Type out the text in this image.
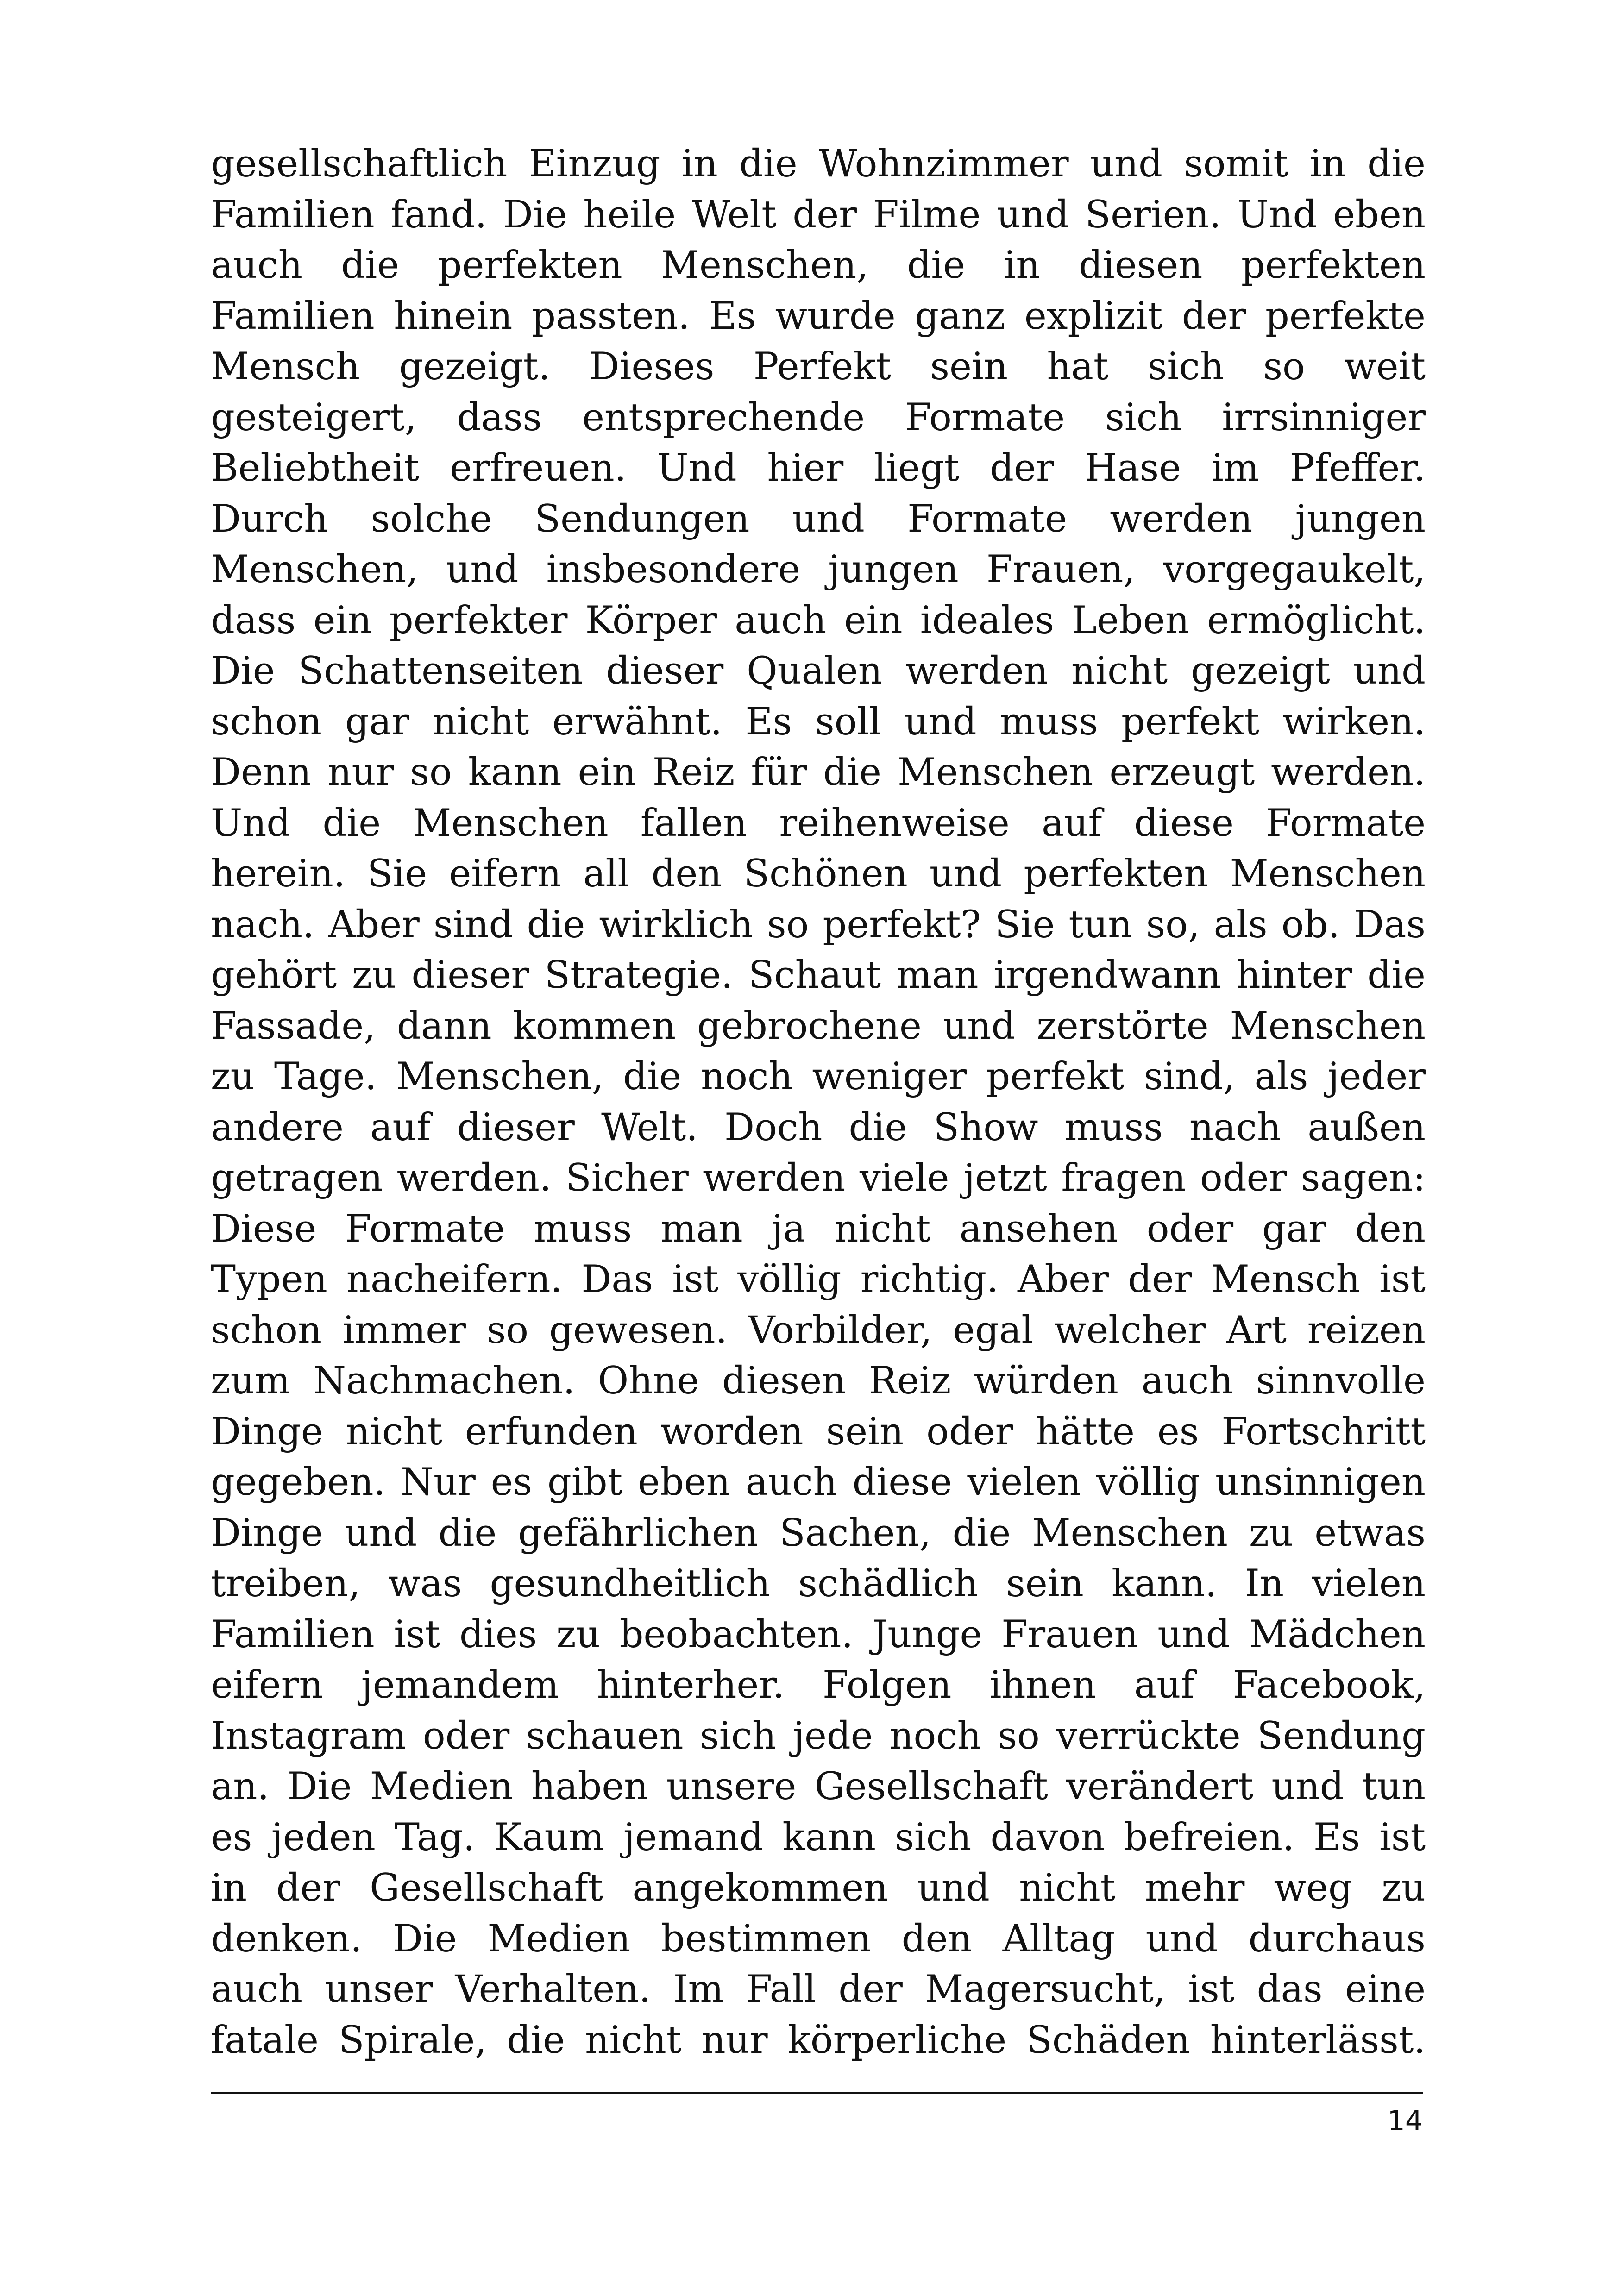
gesellschaftlich Einzug in die Wohnzimmer und somit in die
Familien fand. Die heile Welt der Filme und Serien. Und eben
auch die perfekten Menschen, die in diesen perfekten
Familien hinein passten. Es wurde ganz explizit der perfekte
Mensch gezeigt. Dieses Perfekt sein hat sich so weit
gesteigert, dass entsprechende Formate sich irrsinniger
Beliebtheit erfreuen. Und hier liegt der Hase im Pfeffer.
Durch solche Sendungen und Formate werden jungen
Menschen, und insbesondere jungen Frauen, vorgegaukelt,
dass ein perfekter Körper auch ein ideales Leben ermöglicht.
Die Schattenseiten dieser Qualen werden nicht gezeigt und
schon gar nicht erwähnt. Es soll und muss perfekt wirken.
Denn nur so kann ein Reiz für die Menschen erzeugt werden.
Und die Menschen fallen reihenweise auf diese Formate
herein. Sie eifern all den Schönen und perfekten Menschen
nach. Aber sind die wirklich so perfekt? Sie tun so, als ob. Das
gehört zu dieser Strategie. Schaut man irgendwann hinter die
Fassade, dann kommen gebrochene und zerstörte Menschen
zu Tage. Menschen, die noch weniger perfekt sind, als jeder
andere auf dieser Welt. Doch die Show muss nach außen
getragen werden. Sicher werden viele jetzt fragen oder sagen:
Diese Formate muss man ja nicht ansehen oder gar den
Typen nacheifern. Das ist völlig richtig. Aber der Mensch ist
schon immer so gewesen. Vorbilder, egal welcher Art reizen
zum Nachmachen. Ohne diesen Reiz würden auch sinnvolle
Dinge nicht erfunden worden sein oder hätte es Fortschritt
gegeben. Nur es gibt eben auch diese vielen völlig unsinnigen
Dinge und die gefährlichen Sachen, die Menschen zu etwas
treiben, was gesundheitlich schädlich sein kann. In vielen
Familien ist dies zu beobachten. Junge Frauen und Mädchen
eifern jemandem hinterher. Folgen ihnen auf Facebook,
Instagram oder schauen sich jede noch so verrückte Sendung
an. Die Medien haben unsere Gesellschaft verändert und tun
es jeden Tag. Kaum jemand kann sich davon befreien. Es ist
in der Gesellschaft angekommen und nicht mehr weg zu
denken. Die Medien bestimmen den Alltag und durchaus
auch unser Verhalten. Im Fall der Magersucht, ist das eine
fatale Spirale, die nicht nur körperliche Schäden hinterlässt.
14
